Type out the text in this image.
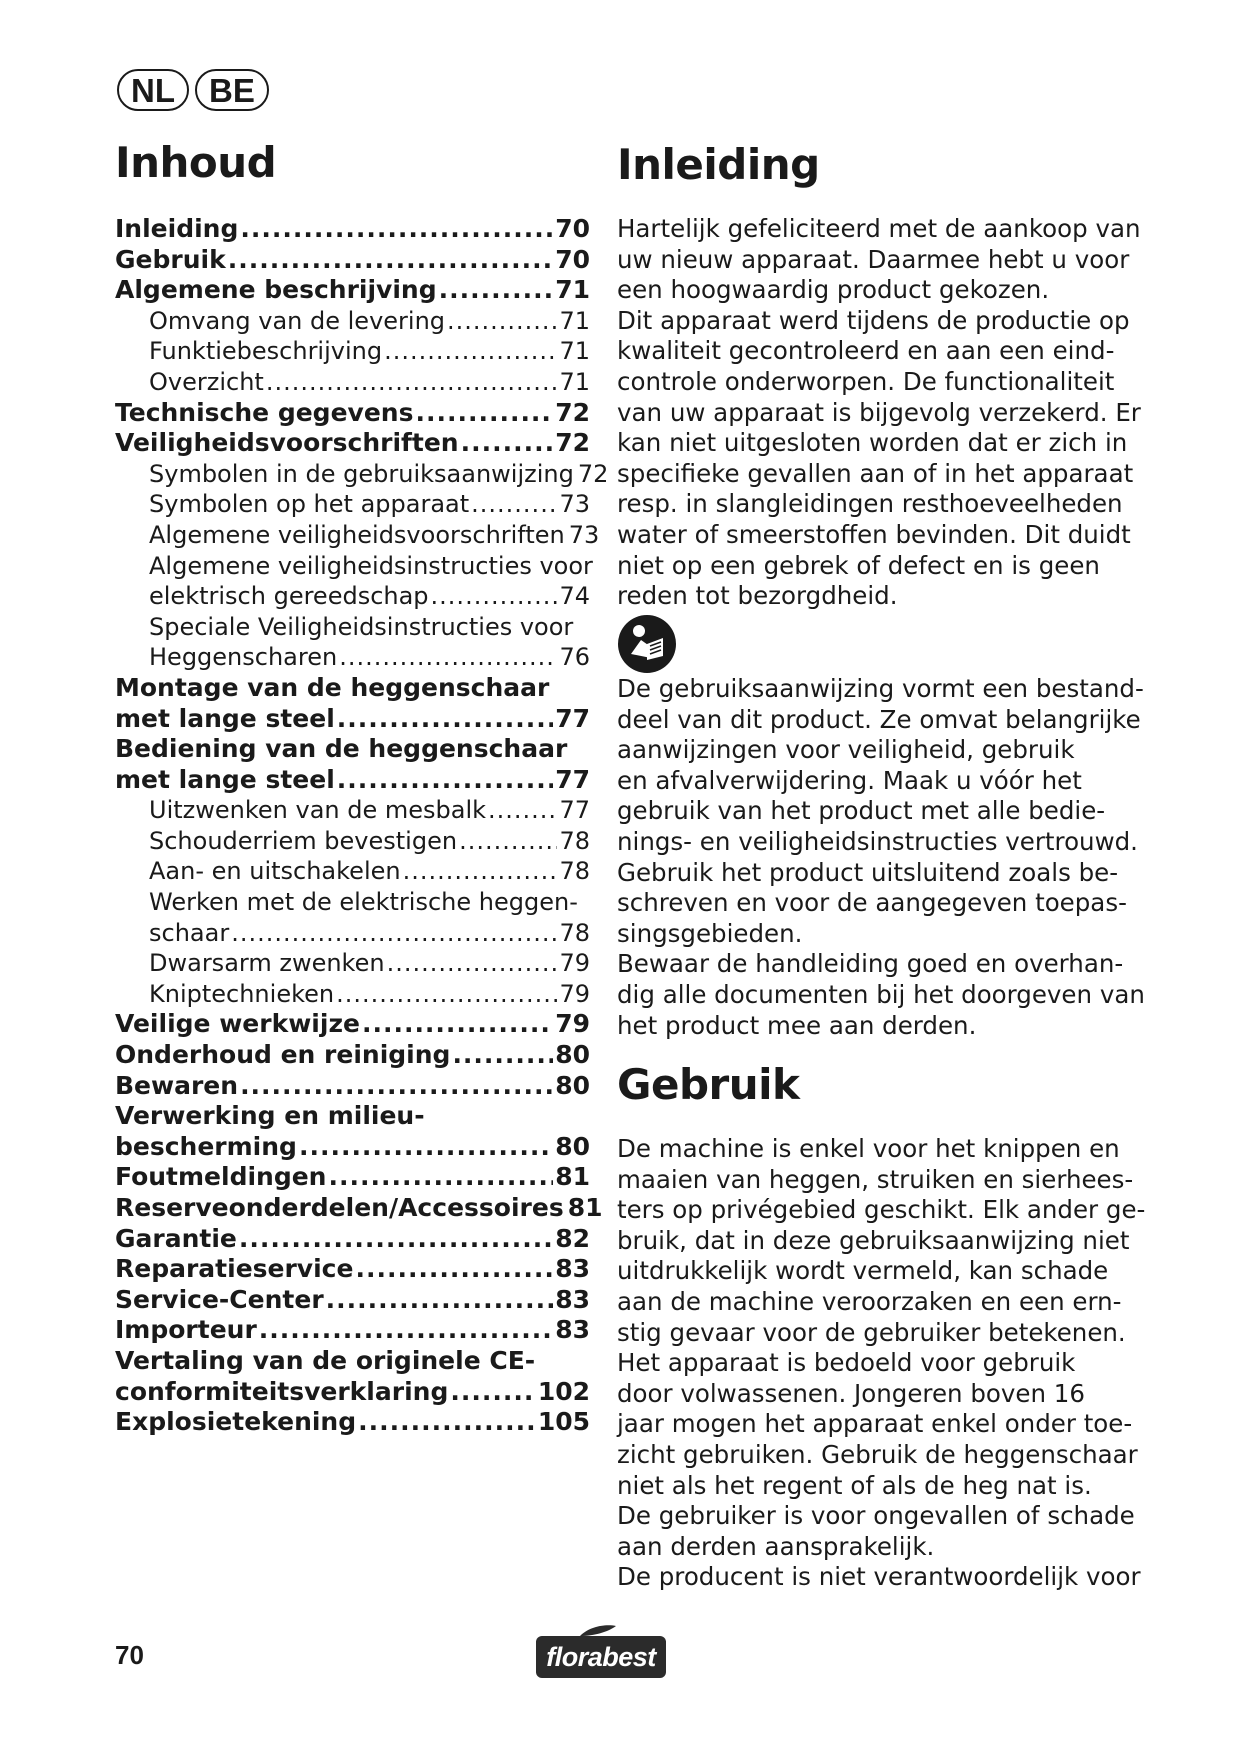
NL	BE
Inhoud
Inleiding .....	70
Gebruik .....	70
Algemene beschrijving .....	71
Omvang van de levering .....	71
Funktiebeschrijving .....	71
Overzicht .....	71
Technische gegevens .....	72
Veiligheidsvoorschriften .....	72
Symbolen in de gebruiksaanwijzing 72
Symbolen op het apparaat .....	73
Algemene veiligheidsvoorschriften 73
Algemene veiligheidsinstructies voor
elektrisch gereedschap .....	74
Speciale Veiligheidsinstructies voor
Heggenscharen .....	76
Montage van de heggenschaar
met lange steel .....	77
Bediening van de heggenschaar
met lange steel .....	77
Uitzwenken van de mesbalk .....	77
Schouderriem bevestigen .....	78
Aan- en uitschakelen .....	78
Werken met de elektrische heggen-
schaar .....	78
Dwarsarm zwenken .....	79
Kniptechnieken .....	79
Veilige werkwijze .....	79
Onderhoud en reiniging .....	80
Bewaren .....	80
Verwerking en milieu-
bescherming .....	80
Foutmeldingen .....	81
Reserveonderdelen/Accessoires 81
Garantie .....	82
Reparatieservice .....	83
Service-Center .....	83
Importeur .....	83
Vertaling van de originele CE-
conformiteitsverklaring .....	102
Explosietekening .....	105
Inleiding
Hartelijk gefeliciteerd met de aankoop van
uw nieuw apparaat. Daarmee hebt u voor
een hoogwaardig product gekozen.
Dit apparaat werd tijdens de productie op
kwaliteit gecontroleerd en aan een eind-
controle onderworpen. De functionaliteit
van uw apparaat is bijgevolg verzekerd. Er
kan niet uitgesloten worden dat er zich in
specifieke gevallen aan of in het apparaat
resp. in slangleidingen resthoeveelheden
water of smeerstoffen bevinden. Dit duidt
niet op een gebrek of defect en is geen
reden tot bezorgdheid.
De gebruiksaanwijzing vormt een bestand-
deel van dit product. Ze omvat belangrijke
aanwijzingen voor veiligheid, gebruik
en afvalverwijdering. Maak u vóór het
gebruik van het product met alle bedie-
nings- en veiligheidsinstructies vertrouwd.
Gebruik het product uitsluitend zoals be-
schreven en voor de aangegeven toepas-
singsgebieden.
Bewaar de handleiding goed en overhan-
dig alle documenten bij het doorgeven van
het product mee aan derden.
Gebruik
De machine is enkel voor het knippen en
maaien van heggen, struiken en sierhees-
ters op privégebied geschikt. Elk ander ge-
bruik, dat in deze gebruiksaanwijzing niet
uitdrukkelijk wordt vermeld, kan schade
aan de machine veroorzaken en een ern-
stig gevaar voor de gebruiker betekenen.
Het apparaat is bedoeld voor gebruik
door volwassenen. Jongeren boven 16
jaar mogen het apparaat enkel onder toe-
zicht gebruiken. Gebruik de heggenschaar
niet als het regent of als de heg nat is.
De gebruiker is voor ongevallen of schade
aan derden aansprakelijk.
De producent is niet verantwoordelijk voor
70	florabest
